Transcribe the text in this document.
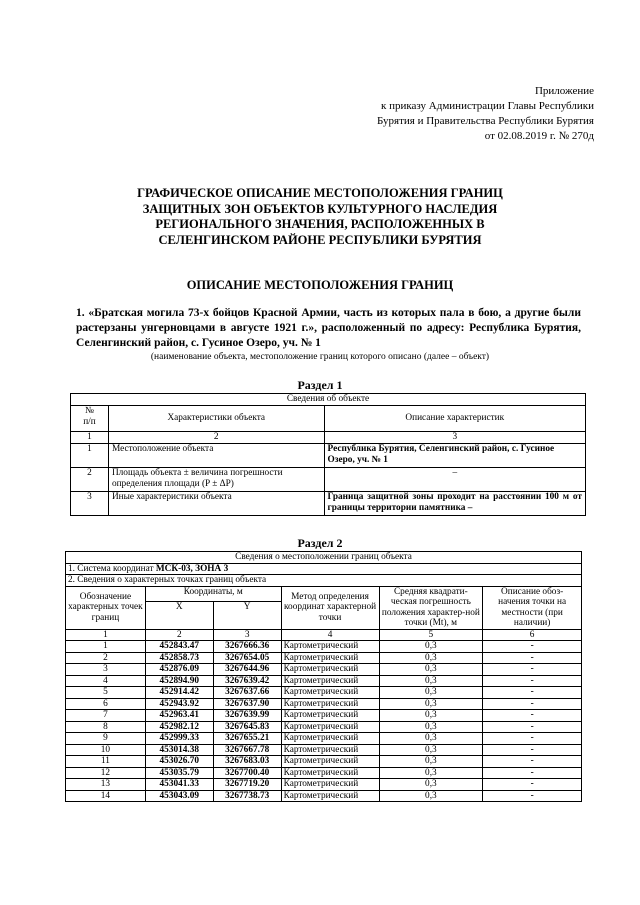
Приложение
к приказу Администрации Главы Республики
Бурятия и Правительства Республики Бурятия
от 02.08.2019 г. № 270д
ГРАФИЧЕСКОЕ ОПИСАНИЕ МЕСТОПОЛОЖЕНИЯ ГРАНИЦ
ЗАЩИТНЫХ ЗОН ОБЪЕКТОВ КУЛЬТУРНОГО НАСЛЕДИЯ
РЕГИОНАЛЬНОГО ЗНАЧЕНИЯ, РАСПОЛОЖЕННЫХ В
СЕЛЕНГИНСКОМ РАЙОНЕ РЕСПУБЛИКИ БУРЯТИЯ
ОПИСАНИЕ МЕСТОПОЛОЖЕНИЯ ГРАНИЦ
1. «Братская могила 73-х бойцов Красной Армии, часть из которых пала в бою, а другие были растерзаны унгерновцами в августе 1921 г.», расположенный по адресу: Республика Бурятия, Селенгинский район, с. Гусиное Озеро, уч. № 1
(наименование объекта, местоположение границ которого описано (далее – объект)
Раздел 1
Сведения об объекте		
№
п/п	Характеристики объекта	Описание характеристик
1	2	3
1	Местоположение объекта	Республика Бурятия, Селенгинский район, с. Гусиное Озеро, уч. № 1
2	Площадь объекта ± величина погрешности определения площади (P ± ΔP)	–
3	Иные характеристики объекта	Граница защитной зоны проходит на расстоянии 100 м от границы территории памятника –
Раздел 2
Сведения о местоположении границ объекта					
1. Система координат МСК-03, ЗОНА 3					
2. Сведения о характерных точках границ объекта					
Обозначение характерных точек границ	Координаты, м		Метод определения координат характерной точки	Средняя квадрати-ческая погрешность положения характер-ной точки (Мt), м	Описание обоз-начения точки на местности (при наличии)
	X	Y			
1	2	3	4	5	6
1	452843.47	3267666.36	Картометрический	0,3	-
2	452858.73	3267654.05	Картометрический	0,3	-
3	452876.09	3267644.96	Картометрический	0,3	-
4	452894.90	3267639.42	Картометрический	0,3	-
5	452914.42	3267637.66	Картометрический	0,3	-
6	452943.92	3267637.90	Картометрический	0,3	-
7	452963.41	3267639.99	Картометрический	0,3	-
8	452982.12	3267645.83	Картометрический	0,3	-
9	452999.33	3267655.21	Картометрический	0,3	-
10	453014.38	3267667.78	Картометрический	0,3	-
11	453026.70	3267683.03	Картометрический	0,3	-
12	453035.79	3267700.40	Картометрический	0,3	-
13	453041.33	3267719.20	Картометрический	0,3	-
14	453043.09	3267738.73	Картометрический	0,3	-
